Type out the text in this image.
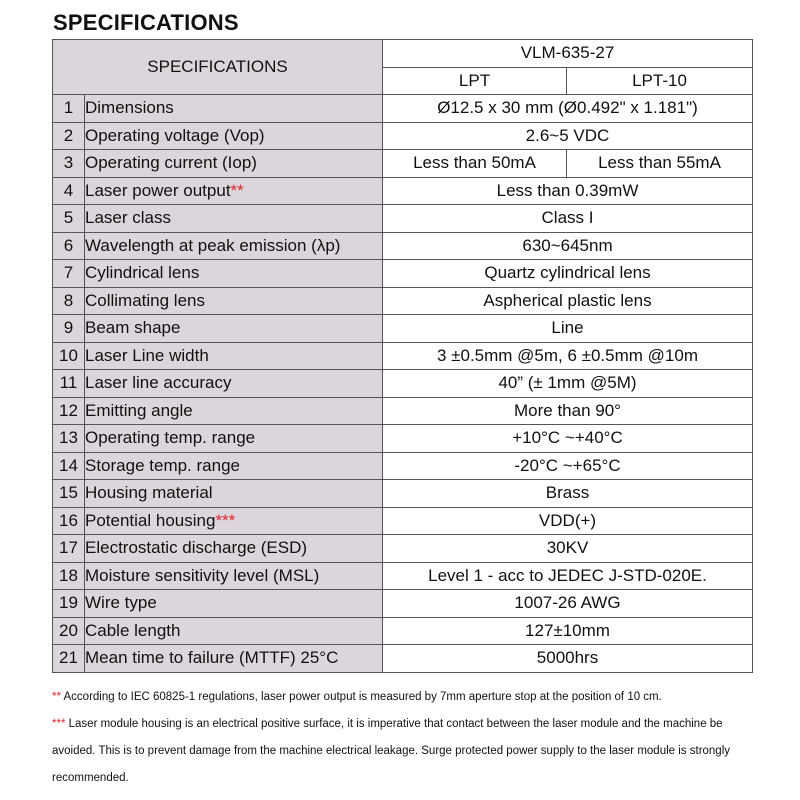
SPECIFICATIONS
SPECIFICATIONS		VLM-635-27	
		LPT	LPT-10
1	Dimensions	Ø12.5 x 30 mm (Ø0.492" x 1.181")	
2	Operating voltage (Vop)	2.6~5 VDC	
3	Operating current (Iop)	Less than 50mA	Less than 55mA
4	Laser power output**	Less than 0.39mW	
5	Laser class	Class I	
6	Wavelength at peak emission (λp)	630~645nm	
7	Cylindrical lens	Quartz cylindrical lens	
8	Collimating lens	Aspherical plastic lens	
9	Beam shape	Line	
10	Laser Line width	3 ±0.5mm @5m, 6 ±0.5mm @10m	
11	Laser line accuracy	40” (± 1mm @5M)	
12	Emitting angle	More than 90°	
13	Operating temp. range	+10°C ~+40°C	
14	Storage temp. range	-20°C ~+65°C	
15	Housing material	Brass	
16	Potential housing***	VDD(+)	
17	Electrostatic discharge (ESD)	30KV	
18	Moisture sensitivity level (MSL)	Level 1 - acc to JEDEC J-STD-020E.	
19	Wire type	1007-26 AWG	
20	Cable length	127±10mm	
21	Mean time to failure (MTTF) 25°C	5000hrs	

** According to IEC 60825-1 regulations, laser power output is measured by 7mm aperture stop at the position of 10 cm.

*** Laser module housing is an electrical positive surface, it is imperative that contact between the laser module and the machine be avoided. This is to prevent damage from the machine electrical leakage. Surge protected power supply to the laser module is strongly recommended.
